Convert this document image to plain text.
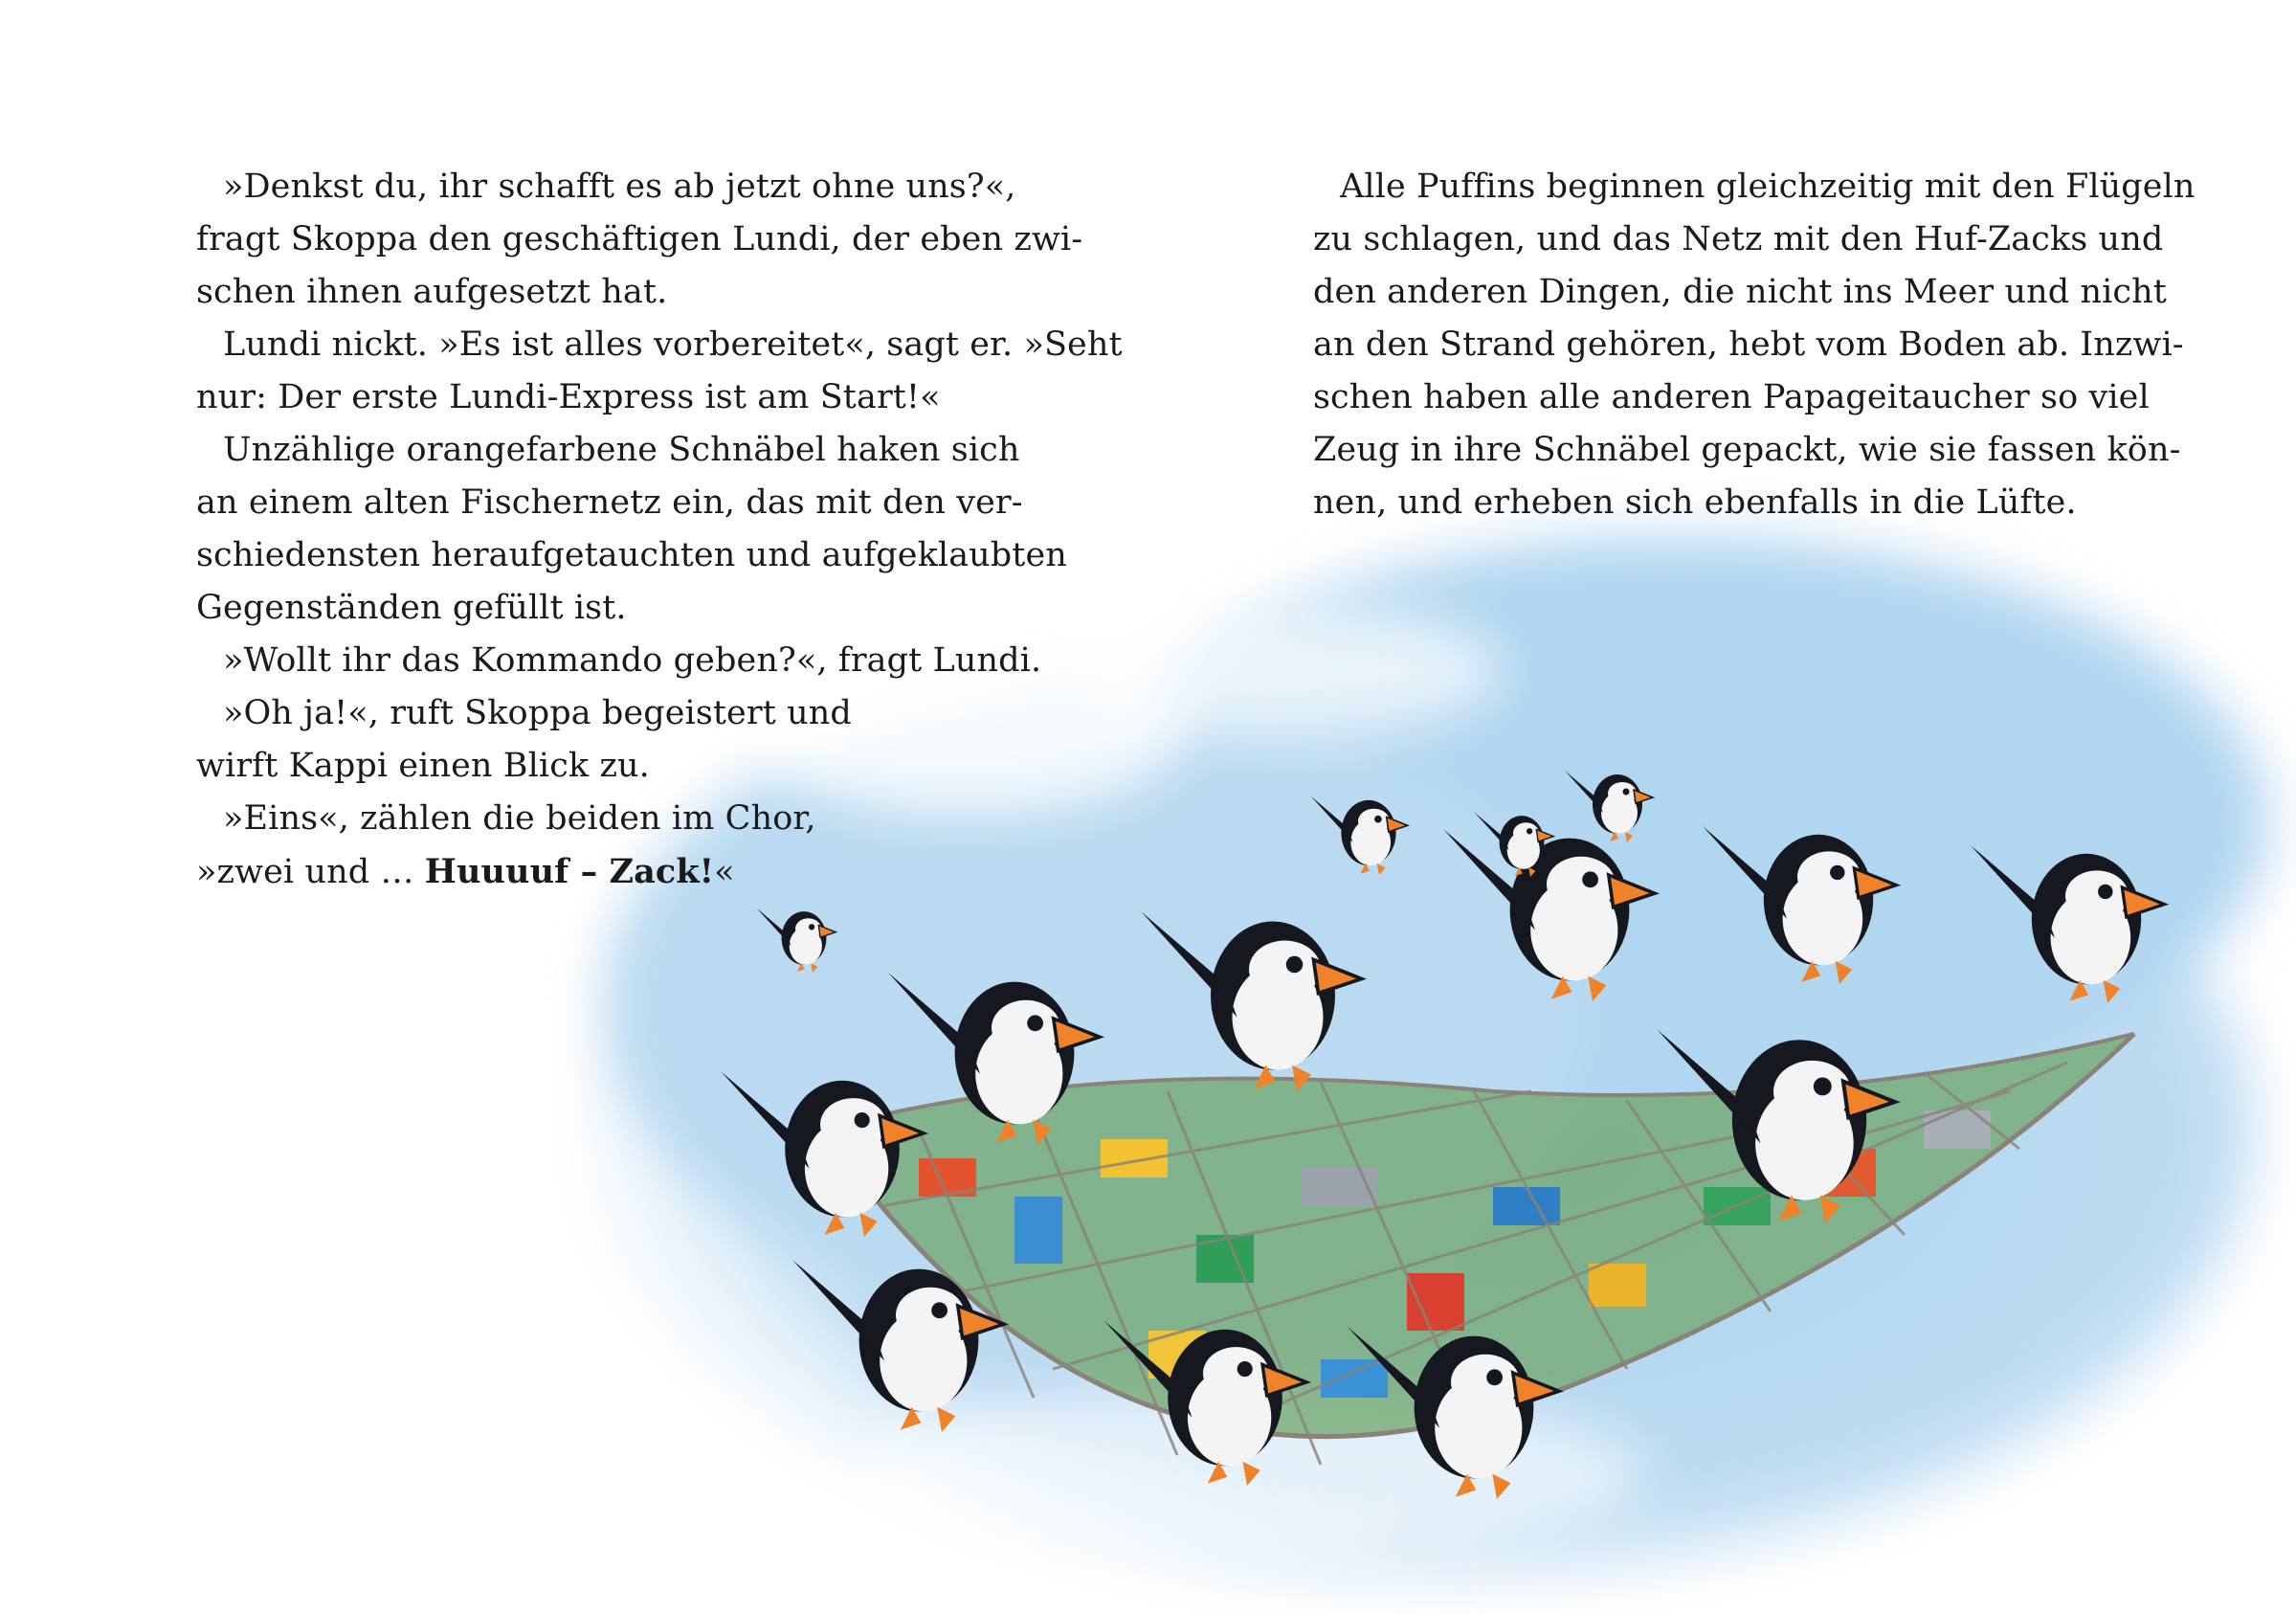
»Denkst du, ihr schafft es ab jetzt ohne uns?«,
fragt Skoppa den geschäftigen Lundi, der eben zwi-
schen ihnen aufgesetzt hat.
Lundi nickt. »Es ist alles vorbereitet«, sagt er. »Seht
nur: Der erste Lundi-Express ist am Start!«
Unzählige orangefarbene Schnäbel haken sich
an einem alten Fischernetz ein, das mit den ver-
schiedensten heraufgetauchten und aufgeklaubten
Gegenständen gefüllt ist.
»Wollt ihr das Kommando geben?«, fragt Lundi.
»Oh ja!«, ruft Skoppa begeistert und
wirft Kappi einen Blick zu.
»Eins«, zählen die beiden im Chor,
»zwei und … Huuuuf – Zack!«
Alle Puffins beginnen gleichzeitig mit den Flügeln
zu schlagen, und das Netz mit den Huf-Zacks und
den anderen Dingen, die nicht ins Meer und nicht
an den Strand gehören, hebt vom Boden ab. Inzwi-
schen haben alle anderen Papageitaucher so viel
Zeug in ihre Schnäbel gepackt, wie sie fassen kön-
nen, und erheben sich ebenfalls in die Lüfte.
